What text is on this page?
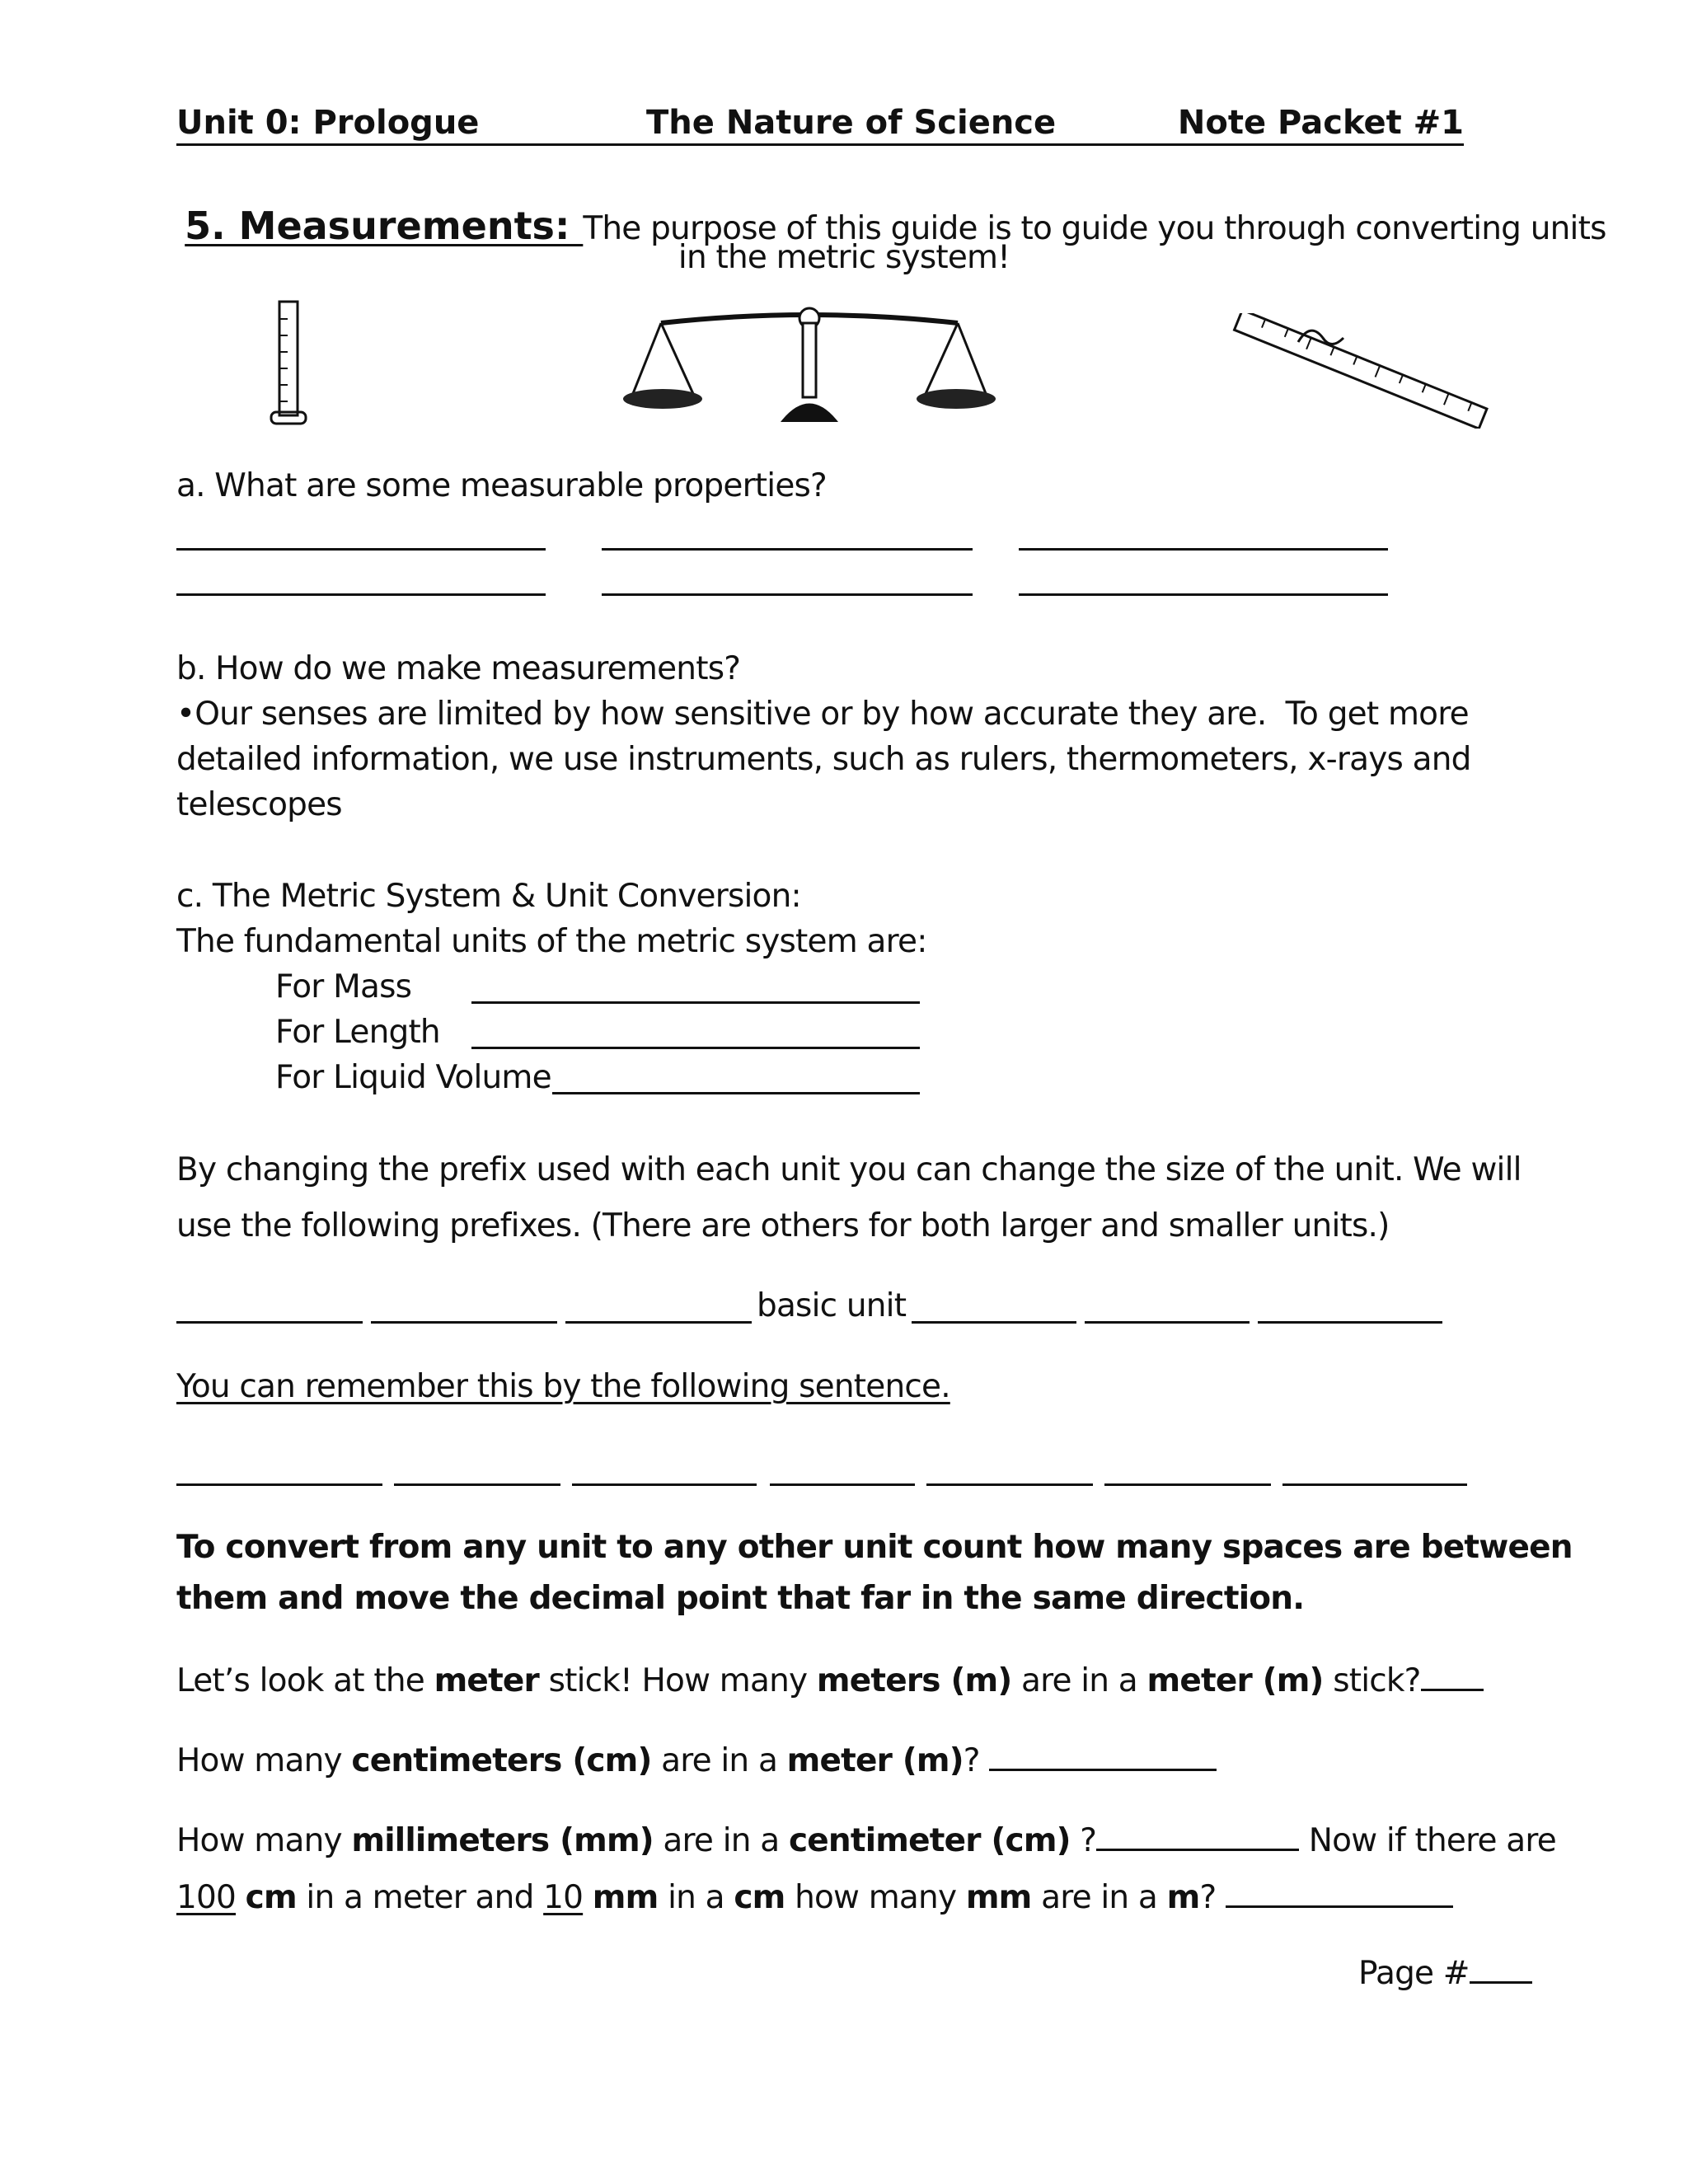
Unit 0: Prologue	The Nature of Science	Note Packet #1

5. Measurements: The purpose of this guide is to guide you through converting units

in the metric system!
a. What are some measurable properties?
b. How do we make measurements?
•Our senses are limited by how sensitive or by how accurate they are.  To get more
detailed information, we use instruments, such as rulers, thermometers, x-rays and
telescopes
c. The Metric System & Unit Conversion:
The fundamental units of the metric system are:
For Mass
For Length
For Liquid Volume
By changing the prefix used with each unit you can change the size of the unit. We will
use the following prefixes. (There are others for both larger and smaller units.)
basic unit
You can remember this by the following sentence.
To convert from any unit to any other unit count how many spaces are between
them and move the decimal point that far in the same direction.
Let’s look at the meter stick! How many meters (m) are in a meter (m) stick?
How many centimeters (cm) are in a meter (m)?
How many millimeters (mm) are in a centimeter (cm) ?	Now if there are
100 cm in a meter and 10 mm in a cm how many mm are in a m?
Page #
